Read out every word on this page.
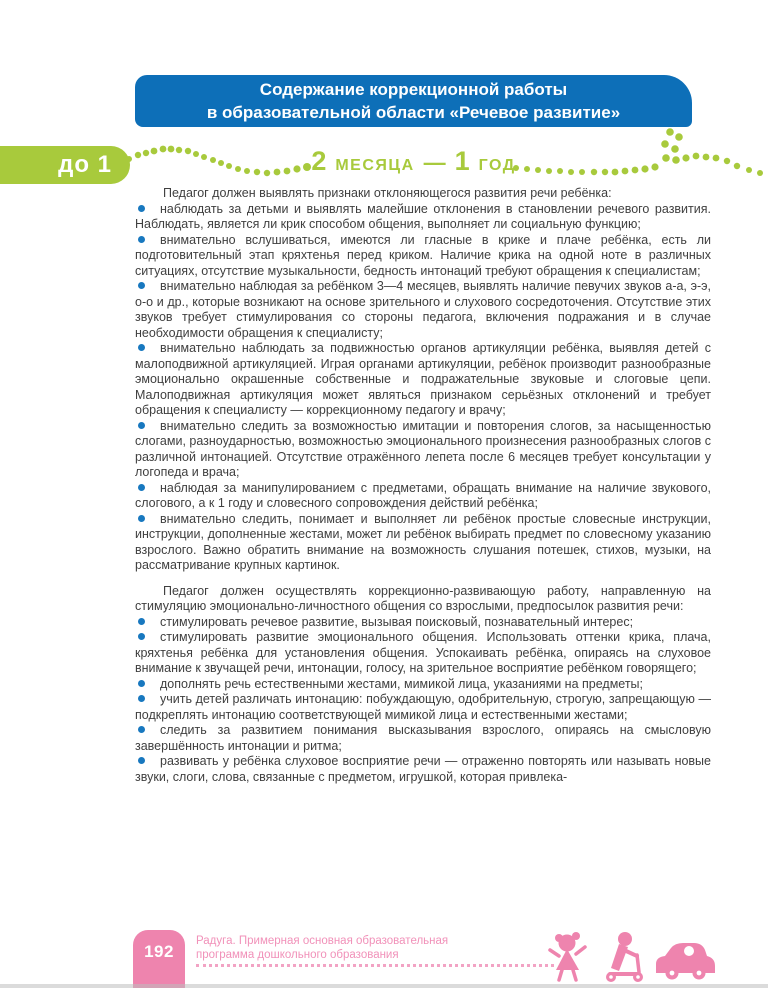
Содержание коррекционной работы
в образовательной области «Речевое развитие»
до 1	2 МЕСЯЦА — 1 ГОД

Педагог должен выявлять признаки отклоняющегося развития речи ребёнка:

наблюдать за детьми и выявлять малейшие отклонения в становлении речевого развития. Наблюдать, является ли крик способом общения, выполняет ли социальную функцию;

внимательно вслушиваться, имеются ли гласные в крике и плаче ребёнка, есть ли подготовительный этап кряхтенья перед криком. Наличие крика на одной ноте в различных ситуациях, отсутствие музыкальности, бедность интонаций требуют обращения к специалистам;

внимательно наблюдая за ребёнком 3—4 месяцев, выявлять наличие певучих звуков а-а, э-э, о-о и др., которые возникают на основе зрительного и слухового сосредоточения. Отсутствие этих звуков требует стимулирования со стороны педагога, включения подражания и в случае необходимости обращения к специалисту;

внимательно наблюдать за подвижностью органов артикуляции ребёнка, выявляя детей с малоподвижной артикуляцией. Играя органами артикуляции, ребёнок производит разнообразные эмоционально окрашенные собственные и подражательные звуковые и слоговые цепи. Малоподвижная артикуляция может являться признаком серьёзных отклонений и требует обращения к специалисту — коррекционному педагогу и врачу;

внимательно следить за возможностью имитации и повторения слогов, за насыщенностью слогами, разноударностью, возможностью эмоционального произнесения разнообразных слогов с различной интонацией. Отсутствие отражённого лепета после 6 месяцев требует консультации у логопеда и врача;

наблюдая за манипулированием с предметами, обращать внимание на наличие звукового, слогового, а к 1 году и словесного сопровождения действий ребёнка;

внимательно следить, понимает и выполняет ли ребёнок простые словесные инструкции, инструкции, дополненные жестами, может ли ребёнок выбирать предмет по словесному указанию взрослого. Важно обратить внимание на возможность слушания потешек, стихов, музыки, на рассматривание крупных картинок.

Педагог должен осуществлять коррекционно-развивающую работу, направленную на стимуляцию эмоционально-личностного общения со взрослыми, предпосылок развития речи:

стимулировать речевое развитие, вызывая поисковый, познавательный интерес;

стимулировать развитие эмоционального общения. Использовать оттенки крика, плача, кряхтенья ребёнка для установления общения. Успокаивать ребёнка, опираясь на слуховое внимание к звучащей речи, интонации, голосу, на зрительное восприятие ребёнком говорящего;

дополнять речь естественными жестами, мимикой лица, указаниями на предметы;

учить детей различать интонацию: побуждающую, одобрительную, строгую, запрещающую — подкреплять интонацию соответствующей мимикой лица и естественными жестами;

следить за развитием понимания высказывания взрослого, опираясь на смысловую завершённость интонации и ритма;

развивать у ребёнка слуховое восприятие речи — отраженно повторять или называть новые звуки, слоги, слова, связанные с предметом, игрушкой, которая привлека-

192
Радуга. Примерная основная образовательная
программа дошкольного образования
